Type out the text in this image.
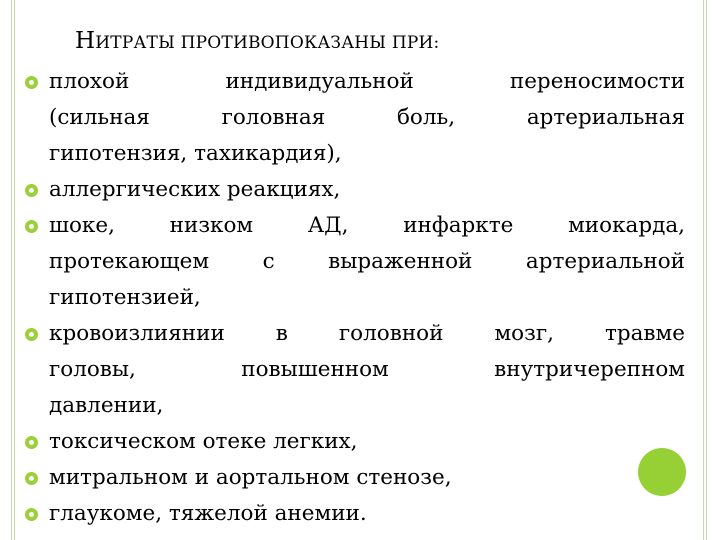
НИТРАТЫ ПРОТИВОПОКАЗАНЫ ПРИ:
плохой индивидуальной переносимости
(сильная головная боль, артериальная
гипотензия, тахикардия),
аллергических реакциях,
шоке, низком АД, инфаркте миокарда,
протекающем с выраженной артериальной
гипотензией,
кровоизлиянии в головной мозг, травме
головы, повышенном внутричерепном
давлении,
токсическом отеке легких,
митральном и аортальном стенозе,
глаукоме, тяжелой анемии.
